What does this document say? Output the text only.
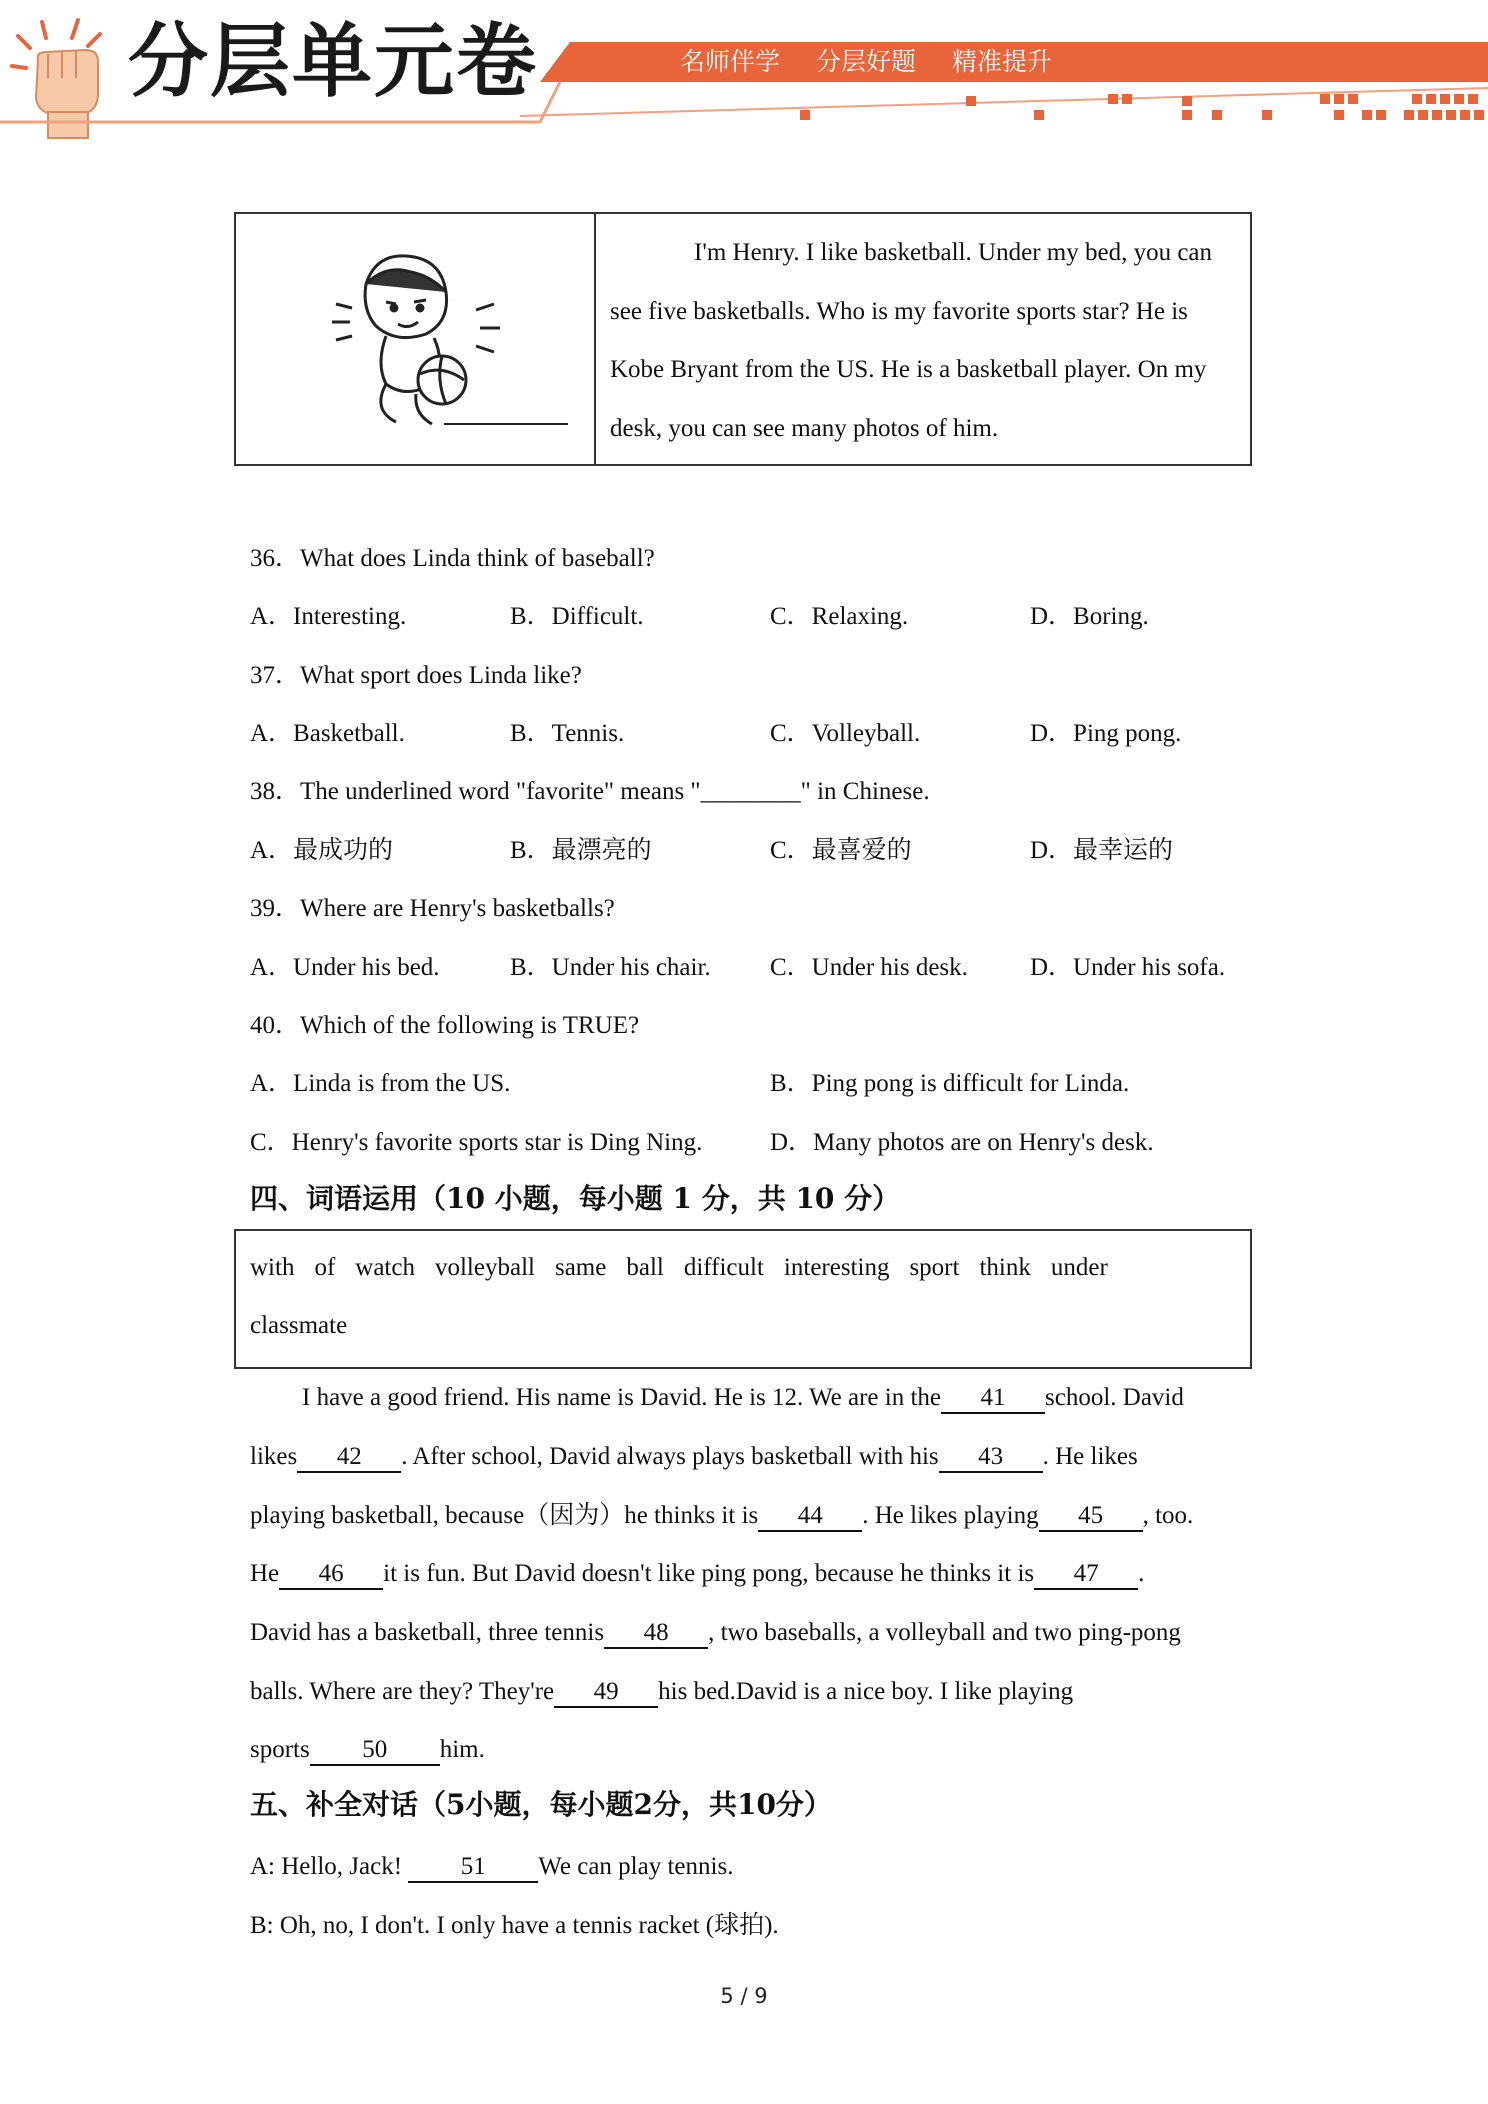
分层单元卷	名师伴学 分层好题 精准提升
I'm Henry. I like basketball. Under my bed, you can see five basketballs. Who is my favorite sports star? He is Kobe Bryant from the US. He is a basketball player. On my desk, you can see many photos of him.
36．What does Linda think of baseball?
A．Interesting.	B．Difficult.	C．Relaxing.	D．Boring.
37．What sport does Linda like?
A．Basketball.	B．Tennis.	C．Volleyball.	D．Ping pong.
38．The underlined word "favorite" means "________" in Chinese.
A．最成功的	B．最漂亮的	C．最喜爱的	D．最幸运的
39．Where are Henry's basketballs?
A．Under his bed.	B．Under his chair. C．Under his desk. D．Under his sofa.
40．Which of the following is TRUE?
A．Linda is from the US.	B．Ping pong is difficult for Linda.
C．Henry's favorite sports star is Ding Ning.	D．Many photos are on Henry's desk.
四、词语运用（10 小题，每小题 1 分，共 10 分）
with of watch volleyball same ball difficult interesting sport think under
classmate
I have a good friend. His name is David. He is 12. We are in the 41 school. David
likes 42 . After school, David always plays basketball with his 43 . He likes
playing basketball, because（因为）he thinks it is 44 . He likes playing 45 , too.
He 46 it is fun. But David doesn't like ping pong, because he thinks it is 47 .
David has a basketball, three tennis 48 , two baseballs, a volleyball and two ping-pong
balls. Where are they? They're 49 his bed.David is a nice boy. I like playing
sports 50 him.
五、补全对话（5小题，每小题2分，共10分）
A: Hello, Jack! 51 We can play tennis.
B: Oh, no, I don't. I only have a tennis racket (球拍).
5 / 9
